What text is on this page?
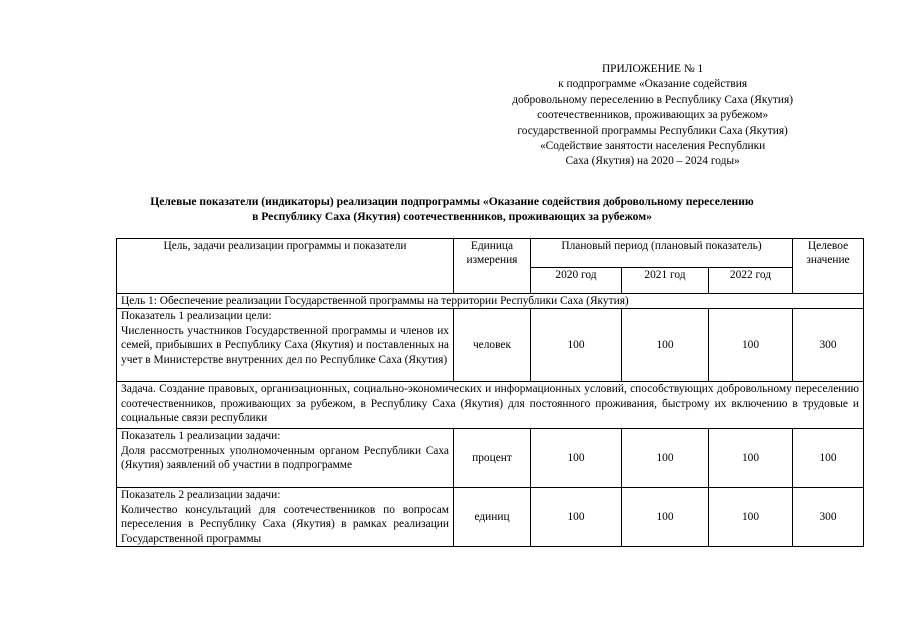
ПРИЛОЖЕНИЕ № 1
к подпрограмме «Оказание содействия
добровольному переселению в Республику Саха (Якутия)
соотечественников, проживающих за рубежом»
государственной программы Республики Саха (Якутия)
«Содействие занятости населения Республики
Саха (Якутия) на 2020 – 2024 годы»
Целевые показатели (индикаторы) реализации подпрограммы «Оказание содействия добровольному переселению
в Республику Саха (Якутия) соотечественников, проживающих за рубежом»
Цель, задачи реализации программы и показатели	Единица измерения	Плановый период (плановый показатель)			Целевое значение
		2020 год	2021 год	2022 год	
Цель 1: Обеспечение реализации Государственной программы на территории Республики Саха (Якутия)					

Показатель 1 реализации цели:
Численность участников Государственной программы и членов их семей, прибывших в Республику Саха (Якутия) и поставленных на учет в Министерстве внутренних дел по Республике Саха (Якутия)	человек	100	100	100	300
Задача. Создание правовых, организационных, социально-экономических и информационных условий, способствующих добровольному переселению соотечественников, проживающих за рубежом, в Республику Саха (Якутия) для постоянного проживания, быстрому их включению в трудовые и социальные связи республики					

Показатель 1 реализации задачи:
Доля рассмотренных уполномоченным органом Республики Саха (Якутия) заявлений об участии в подпрограмме	процент	100	100	100	100

Показатель 2 реализации задачи:
Количество консультаций для соотечественников по вопросам переселения в Республику Саха (Якутия) в рамках реализации Государственной программы	единиц	100	100	100	300
